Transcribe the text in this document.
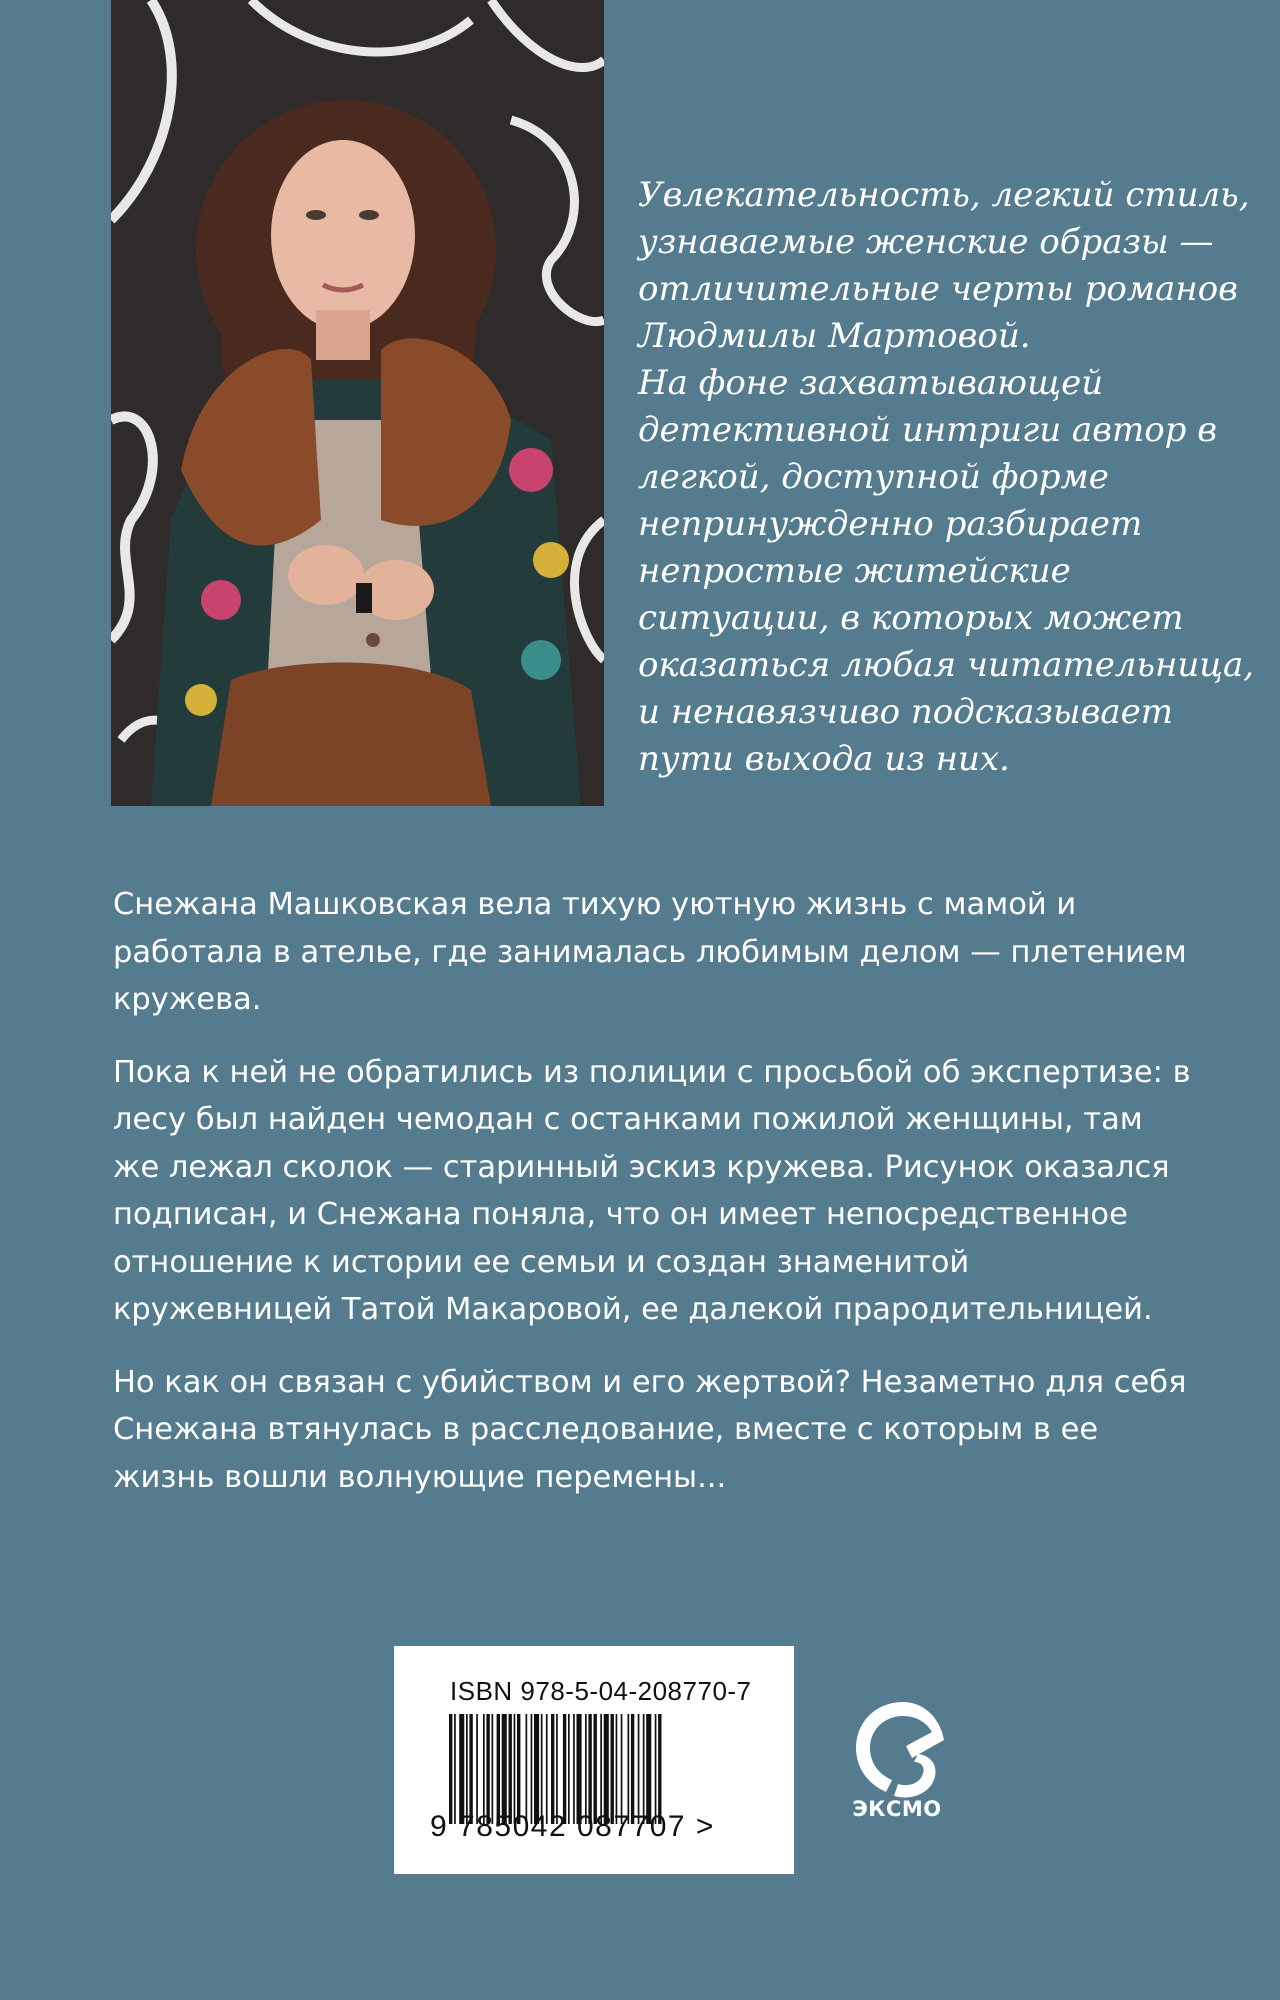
Увлекательность, легкий стиль, узнаваемые женские образы — отличительные черты романов Людмилы Мартовой.

На фоне захватывающей детективной интриги автор в легкой, доступной форме непринужденно разбирает непростые житейские ситуации, в которых может оказаться любая читательница, и ненавязчиво подсказывает пути выхода из них.

Снежана Машковская вела тихую уютную жизнь с мамой и работала в ателье, где занималась любимым делом — плетением кружева.

Пока к ней не обратились из полиции с просьбой об экспертизе: в лесу был найден чемодан с останками пожилой женщины, там же лежал сколок — старинный эскиз кружева. Рисунок оказался подписан, и Снежана поняла, что он имеет непосредственное отношение к истории ее семьи и создан знаменитой кружевницей Татой Макаровой, ее далекой прародительницей.

Но как он связан с убийством и его жертвой? Незаметно для себя Снежана втянулась в расследование, вместе с которым в ее жизнь вошли волнующие перемены...

ISBN 978-5-04-208770-7
9 785042 087707 >
ЭКСМО
